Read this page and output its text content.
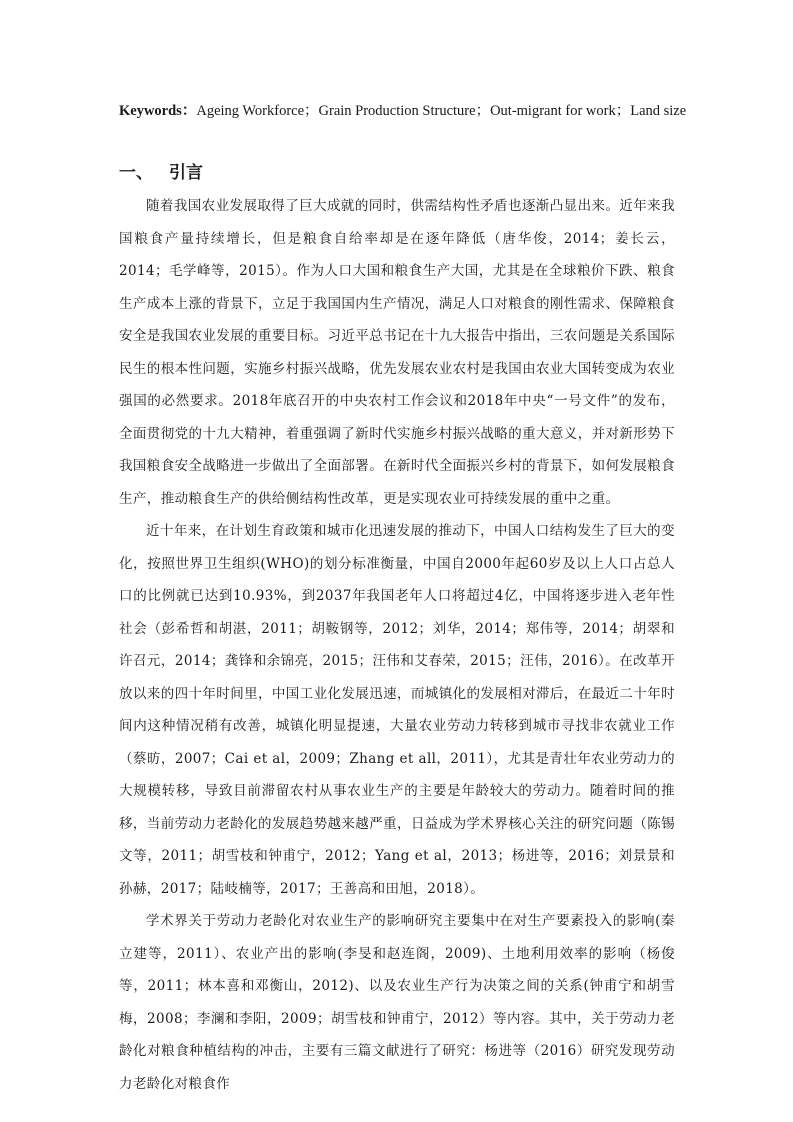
Keywords：Ageing Workforce；Grain Production Structure；Out-migrant for work；Land size
一、 引言

随着我国农业发展取得了巨大成就的同时，供需结构性矛盾也逐渐凸显出来。近年来我国粮食产量持续增长，但是粮食自给率却是在逐年降低（唐华俊，2014；姜长云，2014；毛学峰等，2015）。作为人口大国和粮食生产大国，尤其是在全球粮价下跌、粮食生产成本上涨的背景下，立足于我国国内生产情况，满足人口对粮食的刚性需求、保障粮食安全是我国农业发展的重要目标。习近平总书记在十九大报告中指出，三农问题是关系国际民生的根本性问题，实施乡村振兴战略，优先发展农业农村是我国由农业大国转变成为农业强国的必然要求。2018年底召开的中央农村工作会议和2018年中央“一号文件”的发布，全面贯彻党的十九大精神，着重强调了新时代实施乡村振兴战略的重大意义，并对新形势下我国粮食安全战略进一步做出了全面部署。在新时代全面振兴乡村的背景下，如何发展粮食生产，推动粮食生产的供给侧结构性改革，更是实现农业可持续发展的重中之重。

近十年来，在计划生育政策和城市化迅速发展的推动下，中国人口结构发生了巨大的变化，按照世界卫生组织(WHO)的划分标准衡量，中国自2000年起60岁及以上人口占总人口的比例就已达到10.93%，到2037年我国老年人口将超过4亿，中国将逐步进入老年性社会（彭希哲和胡湛，2011；胡鞍钢等，2012；刘华，2014；郑伟等，2014；胡翠和许召元，2014；龚锋和余锦亮，2015；汪伟和艾春荣，2015；汪伟，2016）。在改革开放以来的四十年时间里，中国工业化发展迅速，而城镇化的发展相对滞后，在最近二十年时间内这种情况稍有改善，城镇化明显提速，大量农业劳动力转移到城市寻找非农就业工作（蔡昉，2007；Cai et al，2009；Zhang et all，2011），尤其是青壮年农业劳动力的大规模转移，导致目前滞留农村从事农业生产的主要是年龄较大的劳动力。随着时间的推移，当前劳动力老龄化的发展趋势越来越严重，日益成为学术界核心关注的研究问题（陈锡文等，2011；胡雪枝和钟甫宁，2012；Yang et al，2013；杨进等，2016；刘景景和孙赫，2017；陆岐楠等，2017；王善高和田旭，2018）。

学术界关于劳动力老龄化对农业生产的影响研究主要集中在对生产要素投入的影响(秦立建等，2011）、农业产出的影响(李旻和赵连阁，2009)、土地利用效率的影响（杨俊等，2011；林本喜和邓衡山，2012)、以及农业生产行为决策之间的关系(钟甫宁和胡雪梅，2008；李澜和李阳，2009；胡雪枝和钟甫宁，2012）等内容。其中，关于劳动力老龄化对粮食种植结构的冲击，主要有三篇文献进行了研究：杨进等（2016）研究发现劳动力老龄化对粮食作
